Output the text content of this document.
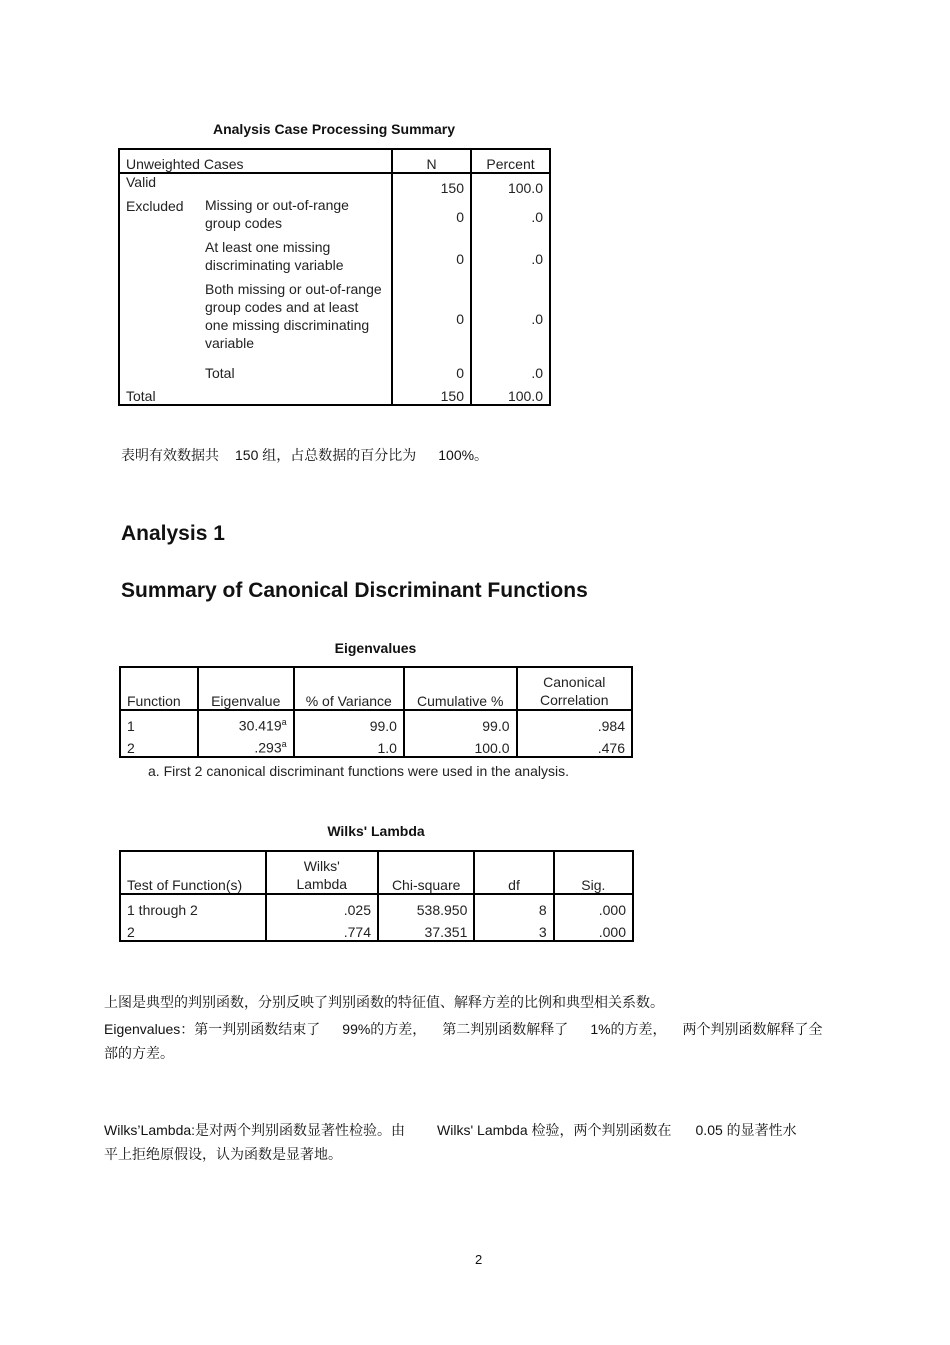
Analysis Case Processing Summary
Unweighted Cases		N	Percent
Valid		150	100.0
Excluded	Missing or out-of-range group codes	0	.0
	At least one missing discriminating variable	0	.0
	Both missing or out-of-range group codes and at least one missing discriminating variable	0	.0
	Total	0	.0
Total		150	100.0
表明有效数据共 150 组，占总数据的百分比为 100%。
Analysis 1
Summary of Canonical Discriminant Functions
Eigenvalues
Function	Eigenvalue	% of Variance	Cumulative %	Canonical Correlation
1	30.419$^a$	99.0	99.0	.984
2	.293$^a$	1.0	100.0	.476
a. First 2 canonical discriminant functions were used in the analysis.
Wilks' Lambda
Test of Function(s)	Wilks' Lambda	Chi-square	df	Sig.
1 through 2	.025	538.950	8	.000
2	.774	37.351	3	.000
上图是典型的判别函数，分别反映了判别函数的特征值、解释方差的比例和典型相关系数。
Eigenvalues：第一判别函数结束了 99%的方差， 第二判别函数解释了 1%的方差， 两个判别函数解释了全
部的方差。
Wilks’Lambda:是对两个判别函数显著性检验。由 Wilks' Lambda 检验，两个判别函数在 0.05 的显著性水
平上拒绝原假设，认为函数是显著地。
2
